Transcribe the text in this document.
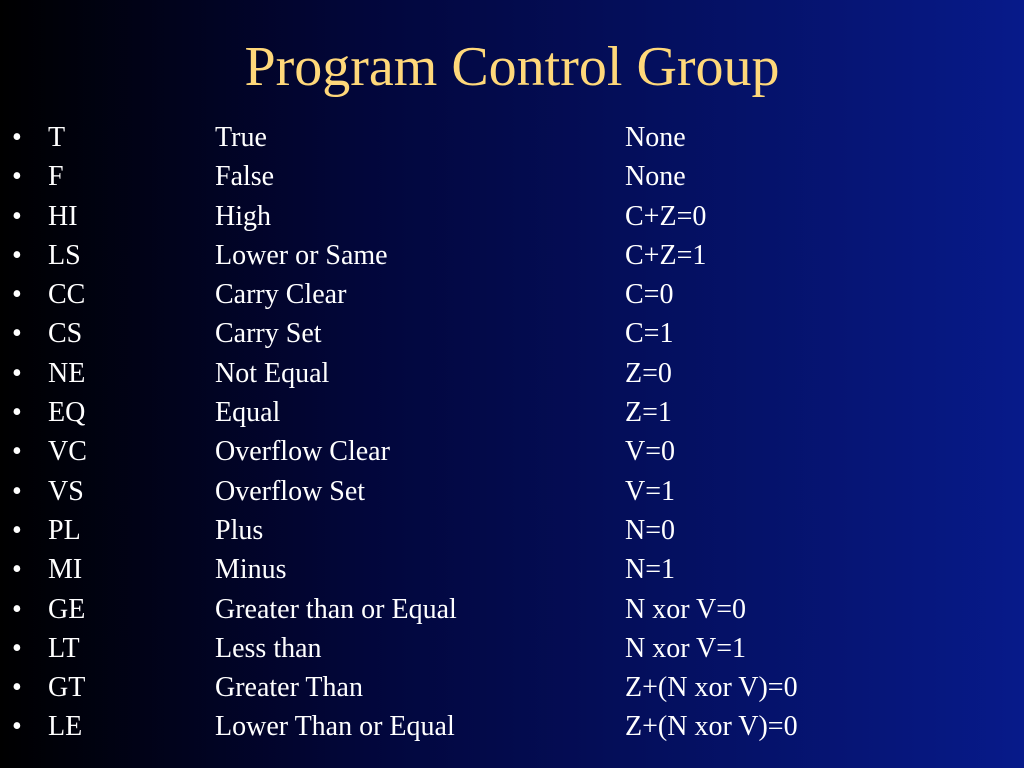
Program Control Group
• T	True	None
• F	False	None
• HI	High	C+Z=0
• LS	Lower or Same	C+Z=1
• CC	Carry Clear	C=0
• CS	Carry Set	C=1
• NE	Not Equal	Z=0
• EQ	Equal	Z=1
• VC	Overflow Clear	V=0
• VS	Overflow Set	V=1
• PL	Plus	N=0
• MI	Minus	N=1
• GE	Greater than or Equal	N xor V=0
• LT	Less than	N xor V=1
• GT	Greater Than	Z+(N xor V)=0
• LE	Lower Than or Equal	Z+(N xor V)=0
